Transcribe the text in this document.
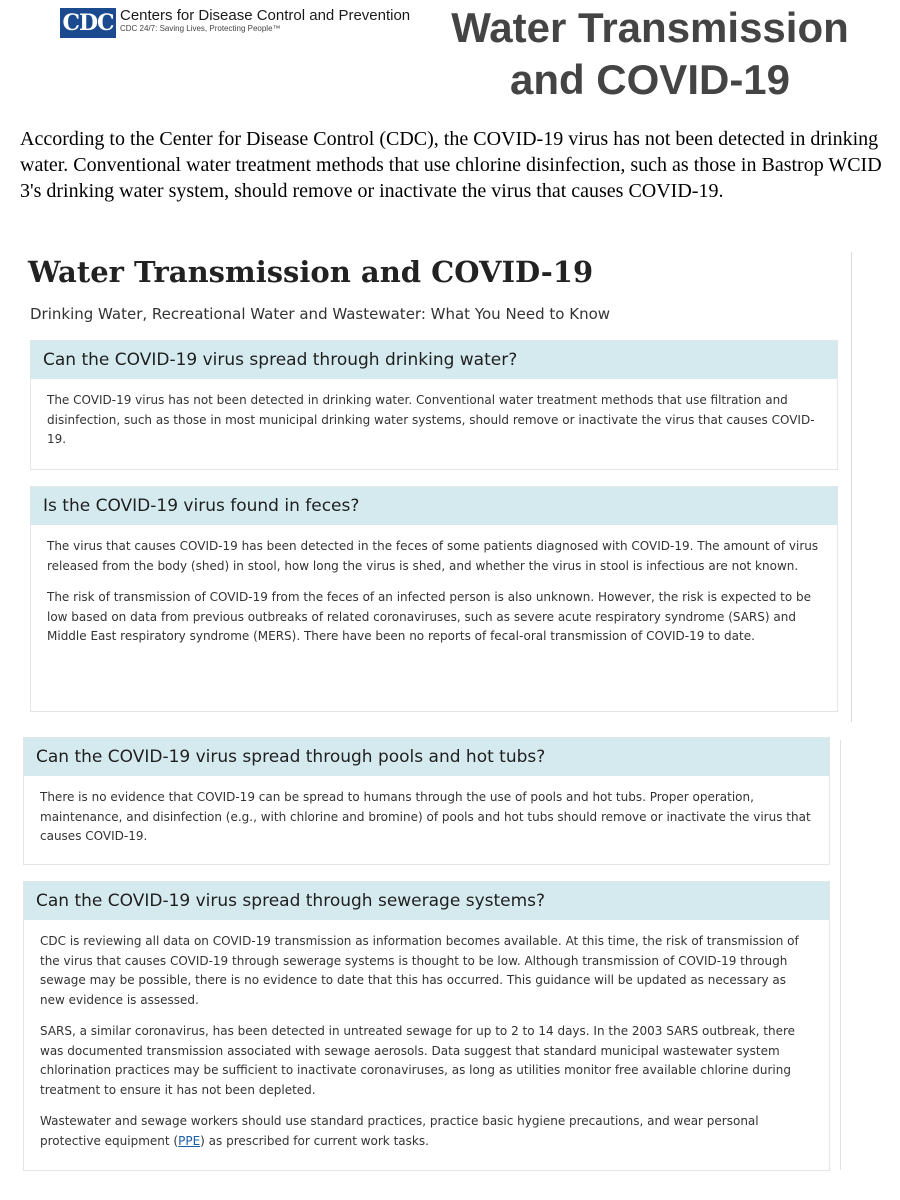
CDC Centers for Disease Control and Prevention
CDC 24/7: Saving Lives, Protecting People™	Water Transmission
and COVID-19

According to the Center for Disease Control (CDC), the COVID-19 virus has not been detected in drinking water. Conventional water treatment methods that use chlorine disinfection, such as those in Bastrop WCID 3's drinking water system, should remove or inactivate the virus that causes COVID-19.

Water Transmission and COVID-19
Drinking Water, Recreational Water and Wastewater: What You Need to Know
Can the COVID-19 virus spread through drinking water?

The COVID-19 virus has not been detected in drinking water. Conventional water treatment methods that use filtration and disinfection, such as those in most municipal drinking water systems, should remove or inactivate the virus that causes COVID-19.

Is the COVID-19 virus found in feces?

The virus that causes COVID-19 has been detected in the feces of some patients diagnosed with COVID-19. The amount of virus released from the body (shed) in stool, how long the virus is shed, and whether the virus in stool is infectious are not known.

The risk of transmission of COVID-19 from the feces of an infected person is also unknown. However, the risk is expected to be low based on data from previous outbreaks of related coronaviruses, such as severe acute respiratory syndrome (SARS) and Middle East respiratory syndrome (MERS). There have been no reports of fecal-oral transmission of COVID-19 to date.

Can the COVID-19 virus spread through pools and hot tubs?

There is no evidence that COVID-19 can be spread to humans through the use of pools and hot tubs. Proper operation, maintenance, and disinfection (e.g., with chlorine and bromine) of pools and hot tubs should remove or inactivate the virus that causes COVID-19.

Can the COVID-19 virus spread through sewerage systems?

CDC is reviewing all data on COVID-19 transmission as information becomes available. At this time, the risk of transmission of the virus that causes COVID-19 through sewerage systems is thought to be low. Although transmission of COVID-19 through sewage may be possible, there is no evidence to date that this has occurred. This guidance will be updated as necessary as new evidence is assessed.

SARS, a similar coronavirus, has been detected in untreated sewage for up to 2 to 14 days. In the 2003 SARS outbreak, there was documented transmission associated with sewage aerosols. Data suggest that standard municipal wastewater system chlorination practices may be sufficient to inactivate coronaviruses, as long as utilities monitor free available chlorine during treatment to ensure it has not been depleted.

Wastewater and sewage workers should use standard practices, practice basic hygiene precautions, and wear personal protective equipment (PPE) as prescribed for current work tasks.
